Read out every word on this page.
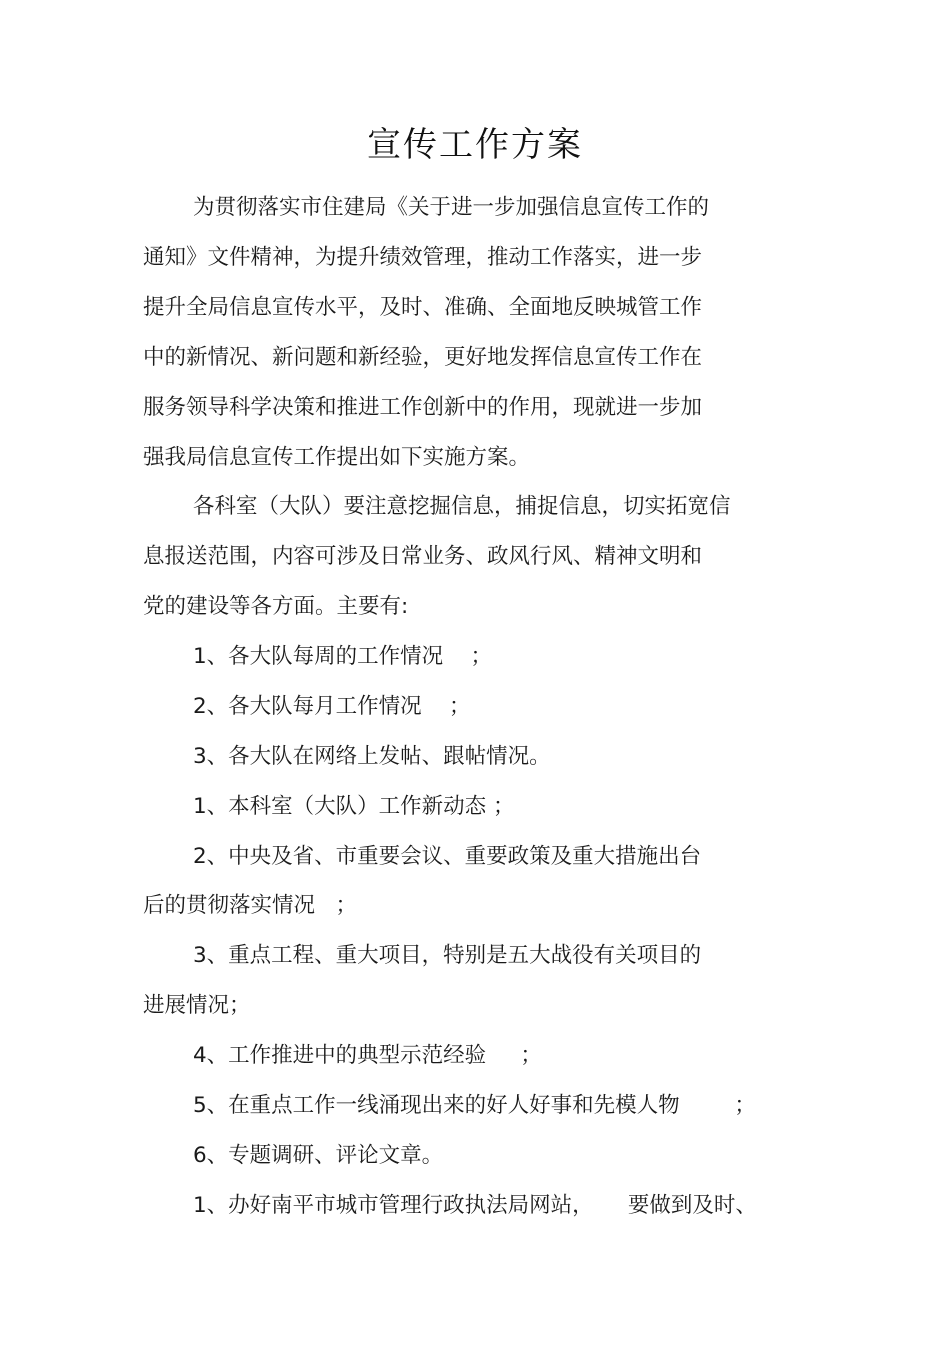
宣传工作方案
为贯彻落实市住建局《关于进一步加强信息宣传工作的
通知》文件精神，为提升绩效管理，推动工作落实，进一步
提升全局信息宣传水平，及时、准确、全面地反映城管工作
中的新情况、新问题和新经验，更好地发挥信息宣传工作在
服务领导科学决策和推进工作创新中的作用，现就进一步加
强我局信息宣传工作提出如下实施方案。
各科室（大队）要注意挖掘信息，捕捉信息，切实拓宽信
息报送范围，内容可涉及日常业务、政风行风、精神文明和
党的建设等各方面。主要有:
1、各大队每周的工作情况    ；
2、各大队每月工作情况    ；
3、各大队在网络上发帖、跟帖情况。
1、本科室（大队）工作新动态 ；
2、中央及省、市重要会议、重要政策及重大措施出台
后的贯彻落实情况   ；
3、重点工程、重大项目，特别是五大战役有关项目的
进展情况；
4、工作推进中的典型示范经验     ；
5、在重点工作一线涌现出来的好人好事和先模人物        ；
6、专题调研、评论文章。
1、办好南平市城市管理行政执法局网站，     要做到及时、
